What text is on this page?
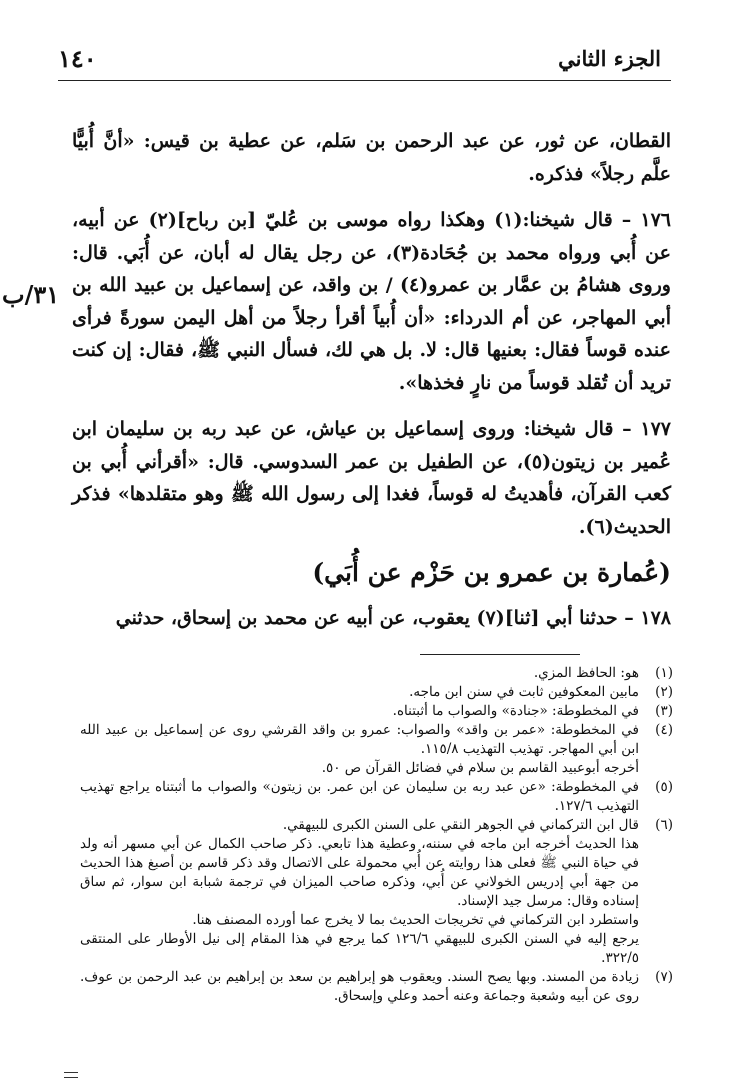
الجزء الثاني
١٤٠
٣١/ب

القطان، عن ثور، عن عبد الرحمن بن سَلم، عن عطية بن قيس: «أنَّ أُبيًّا علَّم رجلاً» فذكره.

١٧٦ – قال شيخنا:(١) وهكذا رواه موسى بن عُليّ [بن رباح](٢) عن أبيه، عن أُبي ورواه محمد بن جُحَادة(٣)، عن رجل يقال له أبان، عن أُبَي. قال: وروى هشامُ بن عمَّار بن عمرو(٤) / بن واقد، عن إسماعيل بن عبيد الله بن أبي المهاجر، عن أم الدرداء: «أن أُبياً أقرأ رجلاً من أهل اليمن سورةً فرأى عنده قوساً فقال: بعنيها قال: لا. بل هي لك، فسأل النبي ﷺ، فقال: إن كنت تريد أن تُقلد قوساً من نارٍ فخذها».

١٧٧ – قال شيخنا: وروى إسماعيل بن عياش، عن عبد ربه بن سليمان ابن عُمير بن زيتون(٥)، عن الطفيل بن عمر السدوسي. قال: «أقرأني أُبي بن كعب القرآن، فأهديتُ له قوساً، فغدا إلى رسول الله ﷺ وهو متقلدها» فذكر الحديث(٦).

(عُمارة بن عمرو بن حَزْم عن أُبَي)

١٧٨ – حدثنا أبي [ثنا](٧) يعقوب، عن أبيه عن محمد بن إسحاق، حدثني

(١)
هو: الحافظ المزي.
(٢)
مابين المعكوفين ثابت في سنن ابن ماجه.
(٣)
في المخطوطة: «جنادة» والصواب ما أثبتناه.
(٤)
في المخطوطة: «عمر بن واقد» والصواب: عمرو بن واقد القرشي روى عن إسماعيل بن عبيد الله ابن أبي المهاجر. تهذيب التهذيب ١١٥/٨.
أخرجه أبوعبيد القاسم بن سلام في فضائل القرآن ص ٥٠.
(٥)
في المخطوطة: «عن عبد ربه بن سليمان عن ابن عمر. بن زيتون» والصواب ما أثبتناه يراجع تهذيب التهذيب ١٢٧/٦.
(٦)
قال ابن التركماني في الجوهر النقي على السنن الكبرى للبيهقي.
هذا الحديث أخرجه ابن ماجه في سننه، وعطية هذا تابعي. ذكر صاحب الكمال عن أبي مسهر أنه ولد في حياة النبي ﷺ فعلى هذا روايته عن أُبي محمولة على الاتصال وقد ذكر قاسم بن أصبغ هذا الحديث من جهة أبي إدريس الخولاني عن أُبي، وذكره صاحب الميزان في ترجمة شبابة ابن سوار، ثم ساق إسناده وقال: مرسل جيد الإسناد.
واستطرد ابن التركماني في تخريجات الحديث بما لا يخرج عما أورده المصنف هنا.
يرجع إليه في السنن الكبرى للبيهقي ١٢٦/٦ كما يرجع في هذا المقام إلى نيل الأوطار على المنتقى ٣٢٢/٥.
(٧)
زيادة من المسند. وبها يصح السند. ويعقوب هو إبراهيم بن سعد بن إبراهيم بن عبد الرحمن بن عوف. روى عن أبيه وشعبة وجماعة وعنه أحمد وعلي وإسحاق.
